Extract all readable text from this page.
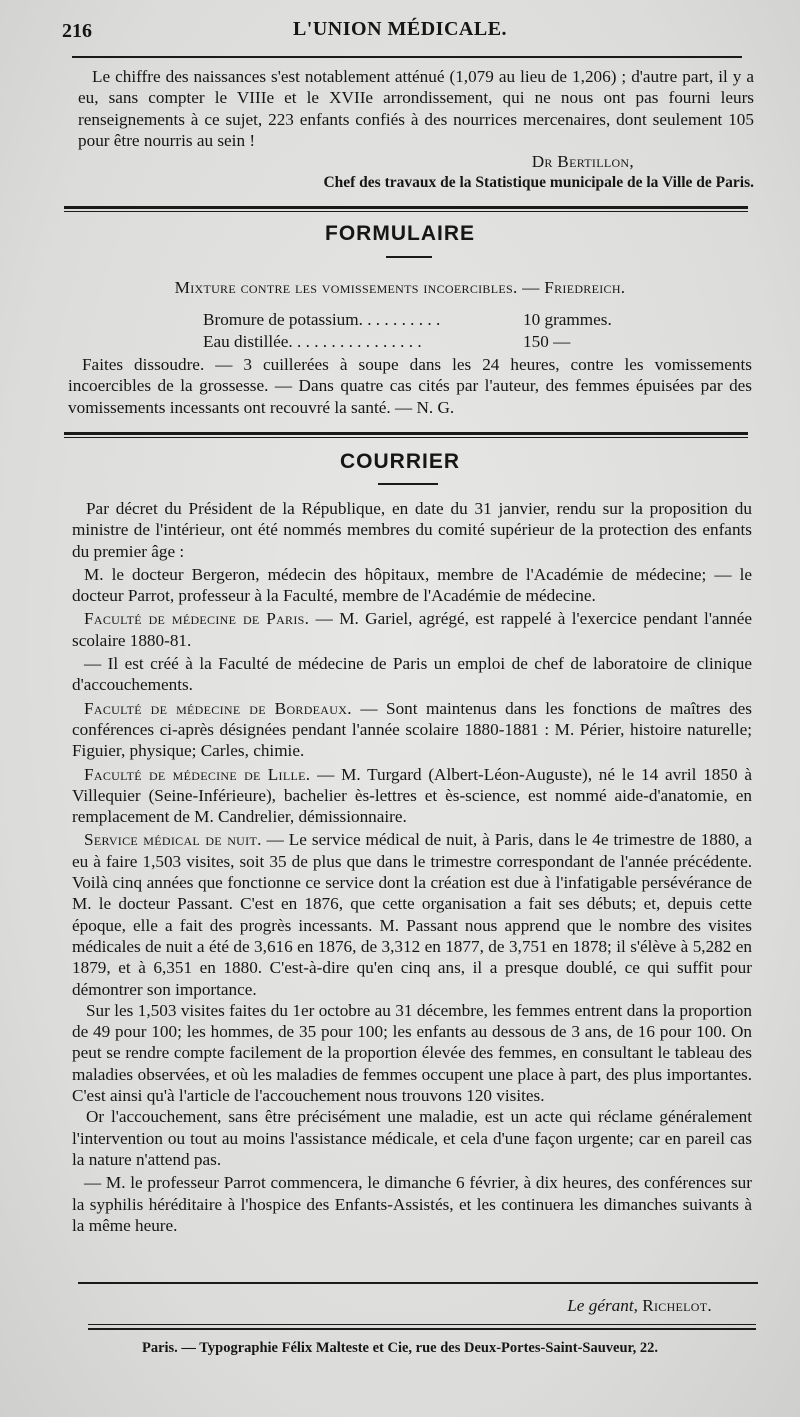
216	L'UNION MÉDICALE.

Le chiffre des naissances s'est notablement atténué (1,079 au lieu de 1,206) ; d'autre part, il y a eu, sans compter le VIIIe et le XVIIe arrondissement, qui ne nous ont pas fourni leurs renseignements à ce sujet, 223 enfants confiés à des nourrices mercenaires, dont seulement 105 pour être nourris au sein !

Dr Bertillon,

Chef des travaux de la Statistique municipale de la Ville de Paris.

FORMULAIRE
Mixture contre les vomissements incoercibles. — Friedreich.
Bromure de potassium. . . . . . . . . .	10 grammes.
Eau distillée. . . . . . . . . . . . . . . .	150 —

Faites dissoudre. — 3 cuillerées à soupe dans les 24 heures, contre les vomissements incoercibles de la grossesse. — Dans quatre cas cités par l'auteur, des femmes épuisées par des vomissements incessants ont recouvré la santé. — N. G.

COURRIER

Par décret du Président de la République, en date du 31 janvier, rendu sur la proposition du ministre de l'intérieur, ont été nommés membres du comité supérieur de la protection des enfants du premier âge :

M. le docteur Bergeron, médecin des hôpitaux, membre de l'Académie de médecine; — le docteur Parrot, professeur à la Faculté, membre de l'Académie de médecine.

Faculté de médecine de Paris. — M. Gariel, agrégé, est rappelé à l'exercice pendant l'année scolaire 1880-81.

— Il est créé à la Faculté de médecine de Paris un emploi de chef de laboratoire de clinique d'accouchements.

Faculté de médecine de Bordeaux. — Sont maintenus dans les fonctions de maîtres des conférences ci-après désignées pendant l'année scolaire 1880-1881 : M. Périer, histoire naturelle; Figuier, physique; Carles, chimie.

Faculté de médecine de Lille. — M. Turgard (Albert-Léon-Auguste), né le 14 avril 1850 à Villequier (Seine-Inférieure), bachelier ès-lettres et ès-science, est nommé aide-d'anatomie, en remplacement de M. Candrelier, démissionnaire.

Service médical de nuit. — Le service médical de nuit, à Paris, dans le 4e trimestre de 1880, a eu à faire 1,503 visites, soit 35 de plus que dans le trimestre correspondant de l'année précédente. Voilà cinq années que fonctionne ce service dont la création est due à l'infatigable persévérance de M. le docteur Passant. C'est en 1876, que cette organisation a fait ses débuts; et, depuis cette époque, elle a fait des progrès incessants. M. Passant nous apprend que le nombre des visites médicales de nuit a été de 3,616 en 1876, de 3,312 en 1877, de 3,751 en 1878; il s'élève à 5,282 en 1879, et à 6,351 en 1880. C'est-à-dire qu'en cinq ans, il a presque doublé, ce qui suffit pour démontrer son importance.

Sur les 1,503 visites faites du 1er octobre au 31 décembre, les femmes entrent dans la proportion de 49 pour 100; les hommes, de 35 pour 100; les enfants au dessous de 3 ans, de 16 pour 100. On peut se rendre compte facilement de la proportion élevée des femmes, en consultant le tableau des maladies observées, et où les maladies de femmes occupent une place à part, des plus importantes. C'est ainsi qu'à l'article de l'accouchement nous trouvons 120 visites.

Or l'accouchement, sans être précisément une maladie, est un acte qui réclame généralement l'intervention ou tout au moins l'assistance médicale, et cela d'une façon urgente; car en pareil cas la nature n'attend pas.

— M. le professeur Parrot commencera, le dimanche 6 février, à dix heures, des conférences sur la syphilis héréditaire à l'hospice des Enfants-Assistés, et les continuera les dimanches suivants à la même heure.

Le gérant, Richelot.
Paris. — Typographie Félix Malteste et Cie, rue des Deux-Portes-Saint-Sauveur, 22.
